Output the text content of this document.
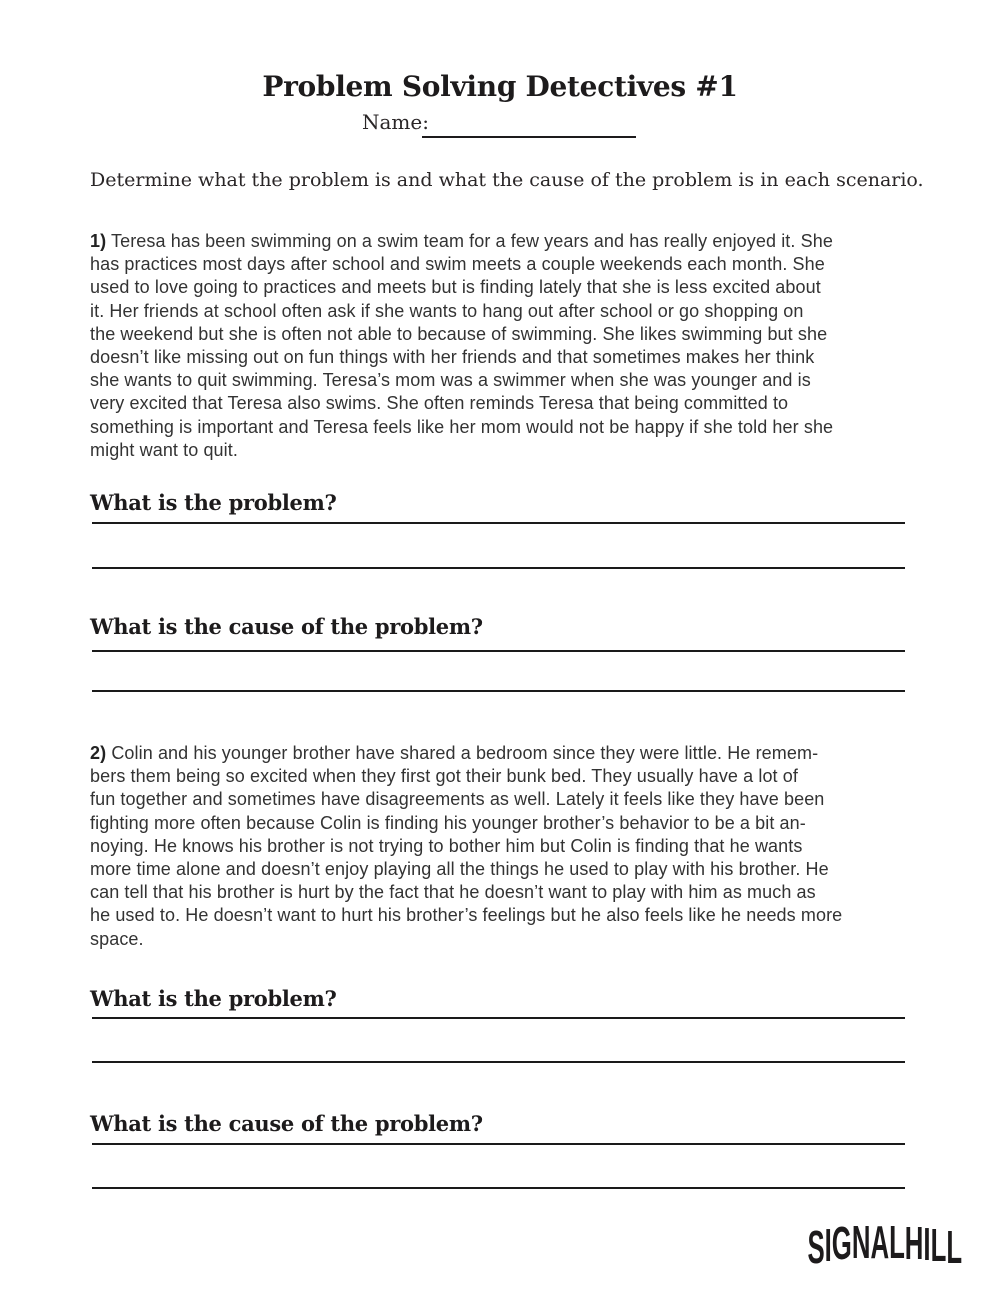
Problem Solving Detectives #1
Name:
Determine what the problem is and what the cause of the problem is in each scenario.
1) Teresa has been swimming on a swim team for a few years and has really enjoyed it. She
has practices most days after school and swim meets a couple weekends each month. She
used to love going to practices and meets but is finding lately that she is less excited about
it. Her friends at school often ask if she wants to hang out after school or go shopping on
the weekend but she is often not able to because of swimming. She likes swimming but she
doesn’t like missing out on fun things with her friends and that sometimes makes her think
she wants to quit swimming. Teresa’s mom was a swimmer when she was younger and is
very excited that Teresa also swims. She often reminds Teresa that being committed to
something is important and Teresa feels like her mom would not be happy if she told her she
might want to quit.
What is the problem?
What is the cause of the problem?
2) Colin and his younger brother have shared a bedroom since they were little. He remem-
bers them being so excited when they first got their bunk bed. They usually have a lot of
fun together and sometimes have disagreements as well. Lately it feels like they have been
fighting more often because Colin is finding his younger brother’s behavior to be a bit an-
noying. He knows his brother is not trying to bother him but Colin is finding that he wants
more time alone and doesn’t enjoy playing all the things he used to play with his brother. He
can tell that his brother is hurt by the fact that he doesn’t want to play with him as much as
he used to. He doesn’t want to hurt his brother’s feelings but he also feels like he needs more
space.
What is the problem?
What is the cause of the problem?
SIGNALHILL
